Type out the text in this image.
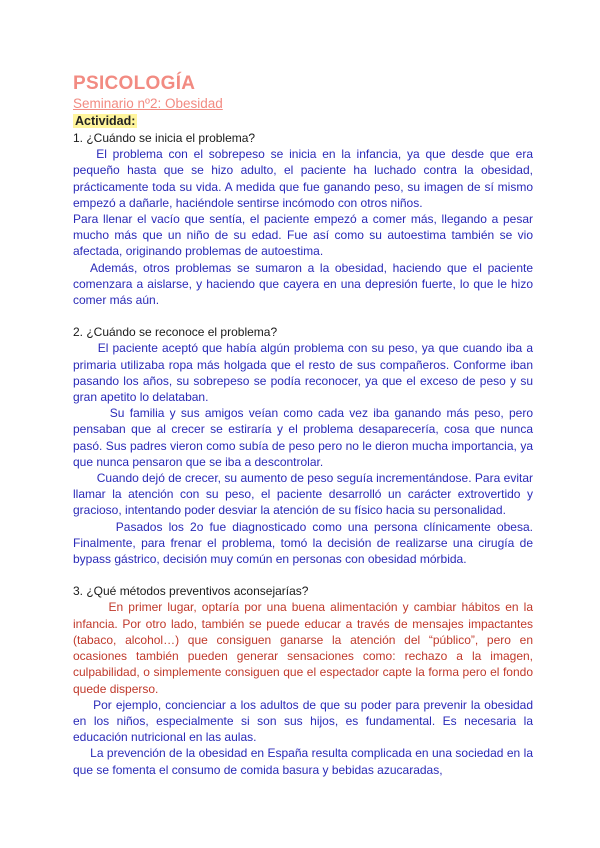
PSICOLOGÍA
Seminario nº2: Obesidad
Actividad:

1. ¿Cuándo se inicia el problema?

El problema con el sobrepeso se inicia en la infancia, ya que desde que era pequeño hasta que se hizo adulto, el paciente ha luchado contra la obesidad, prácticamente toda su vida. A medida que fue ganando peso, su imagen de sí mismo empezó a dañarle, haciéndole sentirse incómodo con otros niños.

Para llenar el vacío que sentía, el paciente empezó a comer más, llegando a pesar mucho más que un niño de su edad. Fue así como su autoestima también se vio afectada, originando problemas de autoestima.

Además, otros problemas se sumaron a la obesidad, haciendo que el paciente comenzara a aislarse, y haciendo que cayera en una depresión fuerte, lo que le hizo comer más aún.

2. ¿Cuándo se reconoce el problema?

El paciente aceptó que había algún problema con su peso, ya que cuando iba a primaria utilizaba ropa más holgada que el resto de sus compañeros. Conforme iban pasando los años, su sobrepeso se podía reconocer, ya que el exceso de peso y su gran apetito lo delataban.

Su familia y sus amigos veían como cada vez iba ganando más peso, pero pensaban que al crecer se estiraría y el problema desaparecería, cosa que nunca pasó. Sus padres vieron como subía de peso pero no le dieron mucha importancia, ya que nunca pensaron que se iba a descontrolar.

Cuando dejó de crecer, su aumento de peso seguía incrementándose. Para evitar llamar la atención con su peso, el paciente desarrolló un carácter extrovertido y gracioso, intentando poder desviar la atención de su físico hacia su personalidad.

Pasados los 2o fue diagnosticado como una persona clínicamente obesa. Finalmente, para frenar el problema, tomó la decisión de realizarse una cirugía de bypass gástrico, decisión muy común en personas con obesidad mórbida.

3. ¿Qué métodos preventivos aconsejarías?

En primer lugar, optaría por una buena alimentación y cambiar hábitos en la infancia. Por otro lado, también se puede educar a través de mensajes impactantes (tabaco, alcohol…) que consiguen ganarse la atención del “público”, pero en ocasiones también pueden generar sensaciones como: rechazo a la imagen, culpabilidad, o simplemente consiguen que el espectador capte la forma pero el fondo quede disperso.

Por ejemplo, concienciar a los adultos de que su poder para prevenir la obesidad en los niños, especialmente si son sus hijos, es fundamental. Es necesaria la educación nutricional en las aulas.

La prevención de la obesidad en España resulta complicada en una sociedad en la que se fomenta el consumo de comida basura y bebidas azucaradas,
